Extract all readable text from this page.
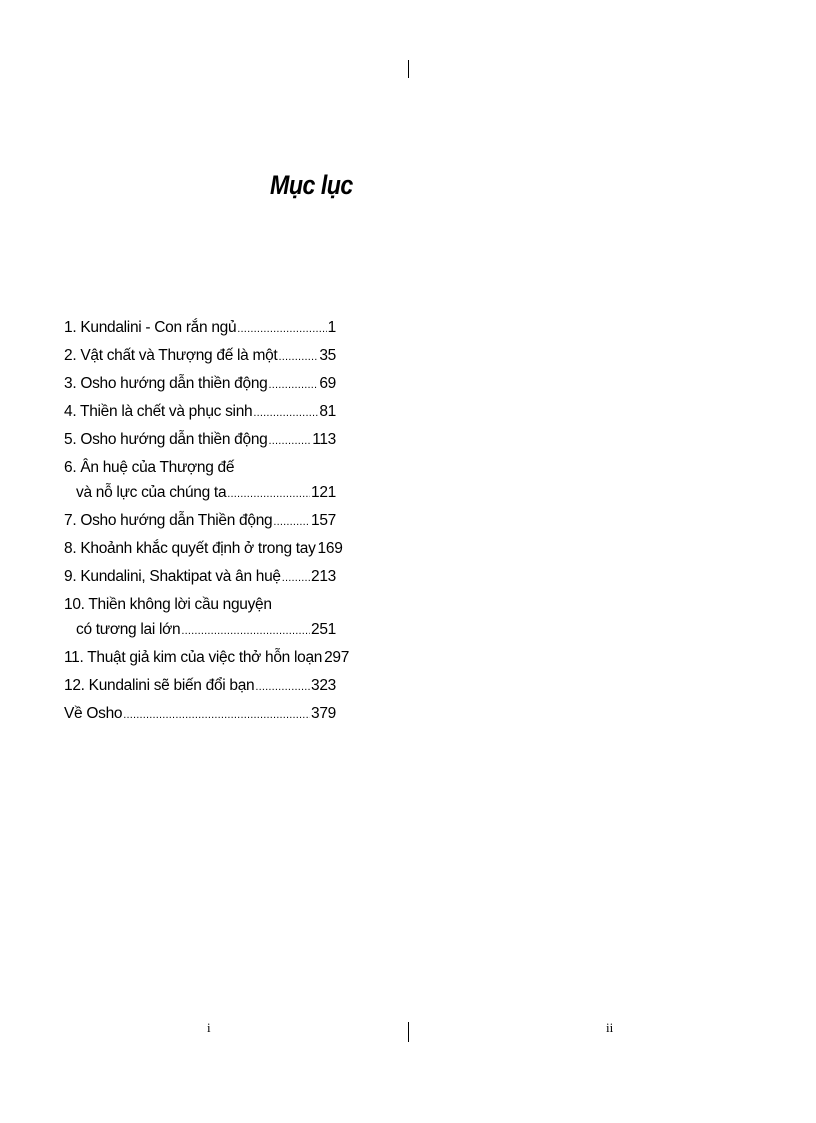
Mục lục
1. Kundalini - Con rắn ngủ .....	1
2. Vật chất và Thượng đế là một .....	35
3. Osho hướng dẫn thiền động .....	69
4. Thiền là chết và phục sinh .....	81
5. Osho hướng dẫn thiền động .....	113
6. Ân huệ của Thượng đế
và nỗ lực của chúng ta .....	121
7. Osho hướng dẫn Thiền động ..... 157
8. Khoảnh khắc quyết định ở trong tay 169
9. Kundalini, Shaktipat và ân huệ ..... 213
10. Thiền không lời cầu nguyện
có tương lai lớn .....	251
11. Thuật giả kim của việc thở hỗn loạn 297
12. Kundalini sẽ biến đổi bạn .....	323
Về Osho .....	379
i	ii
